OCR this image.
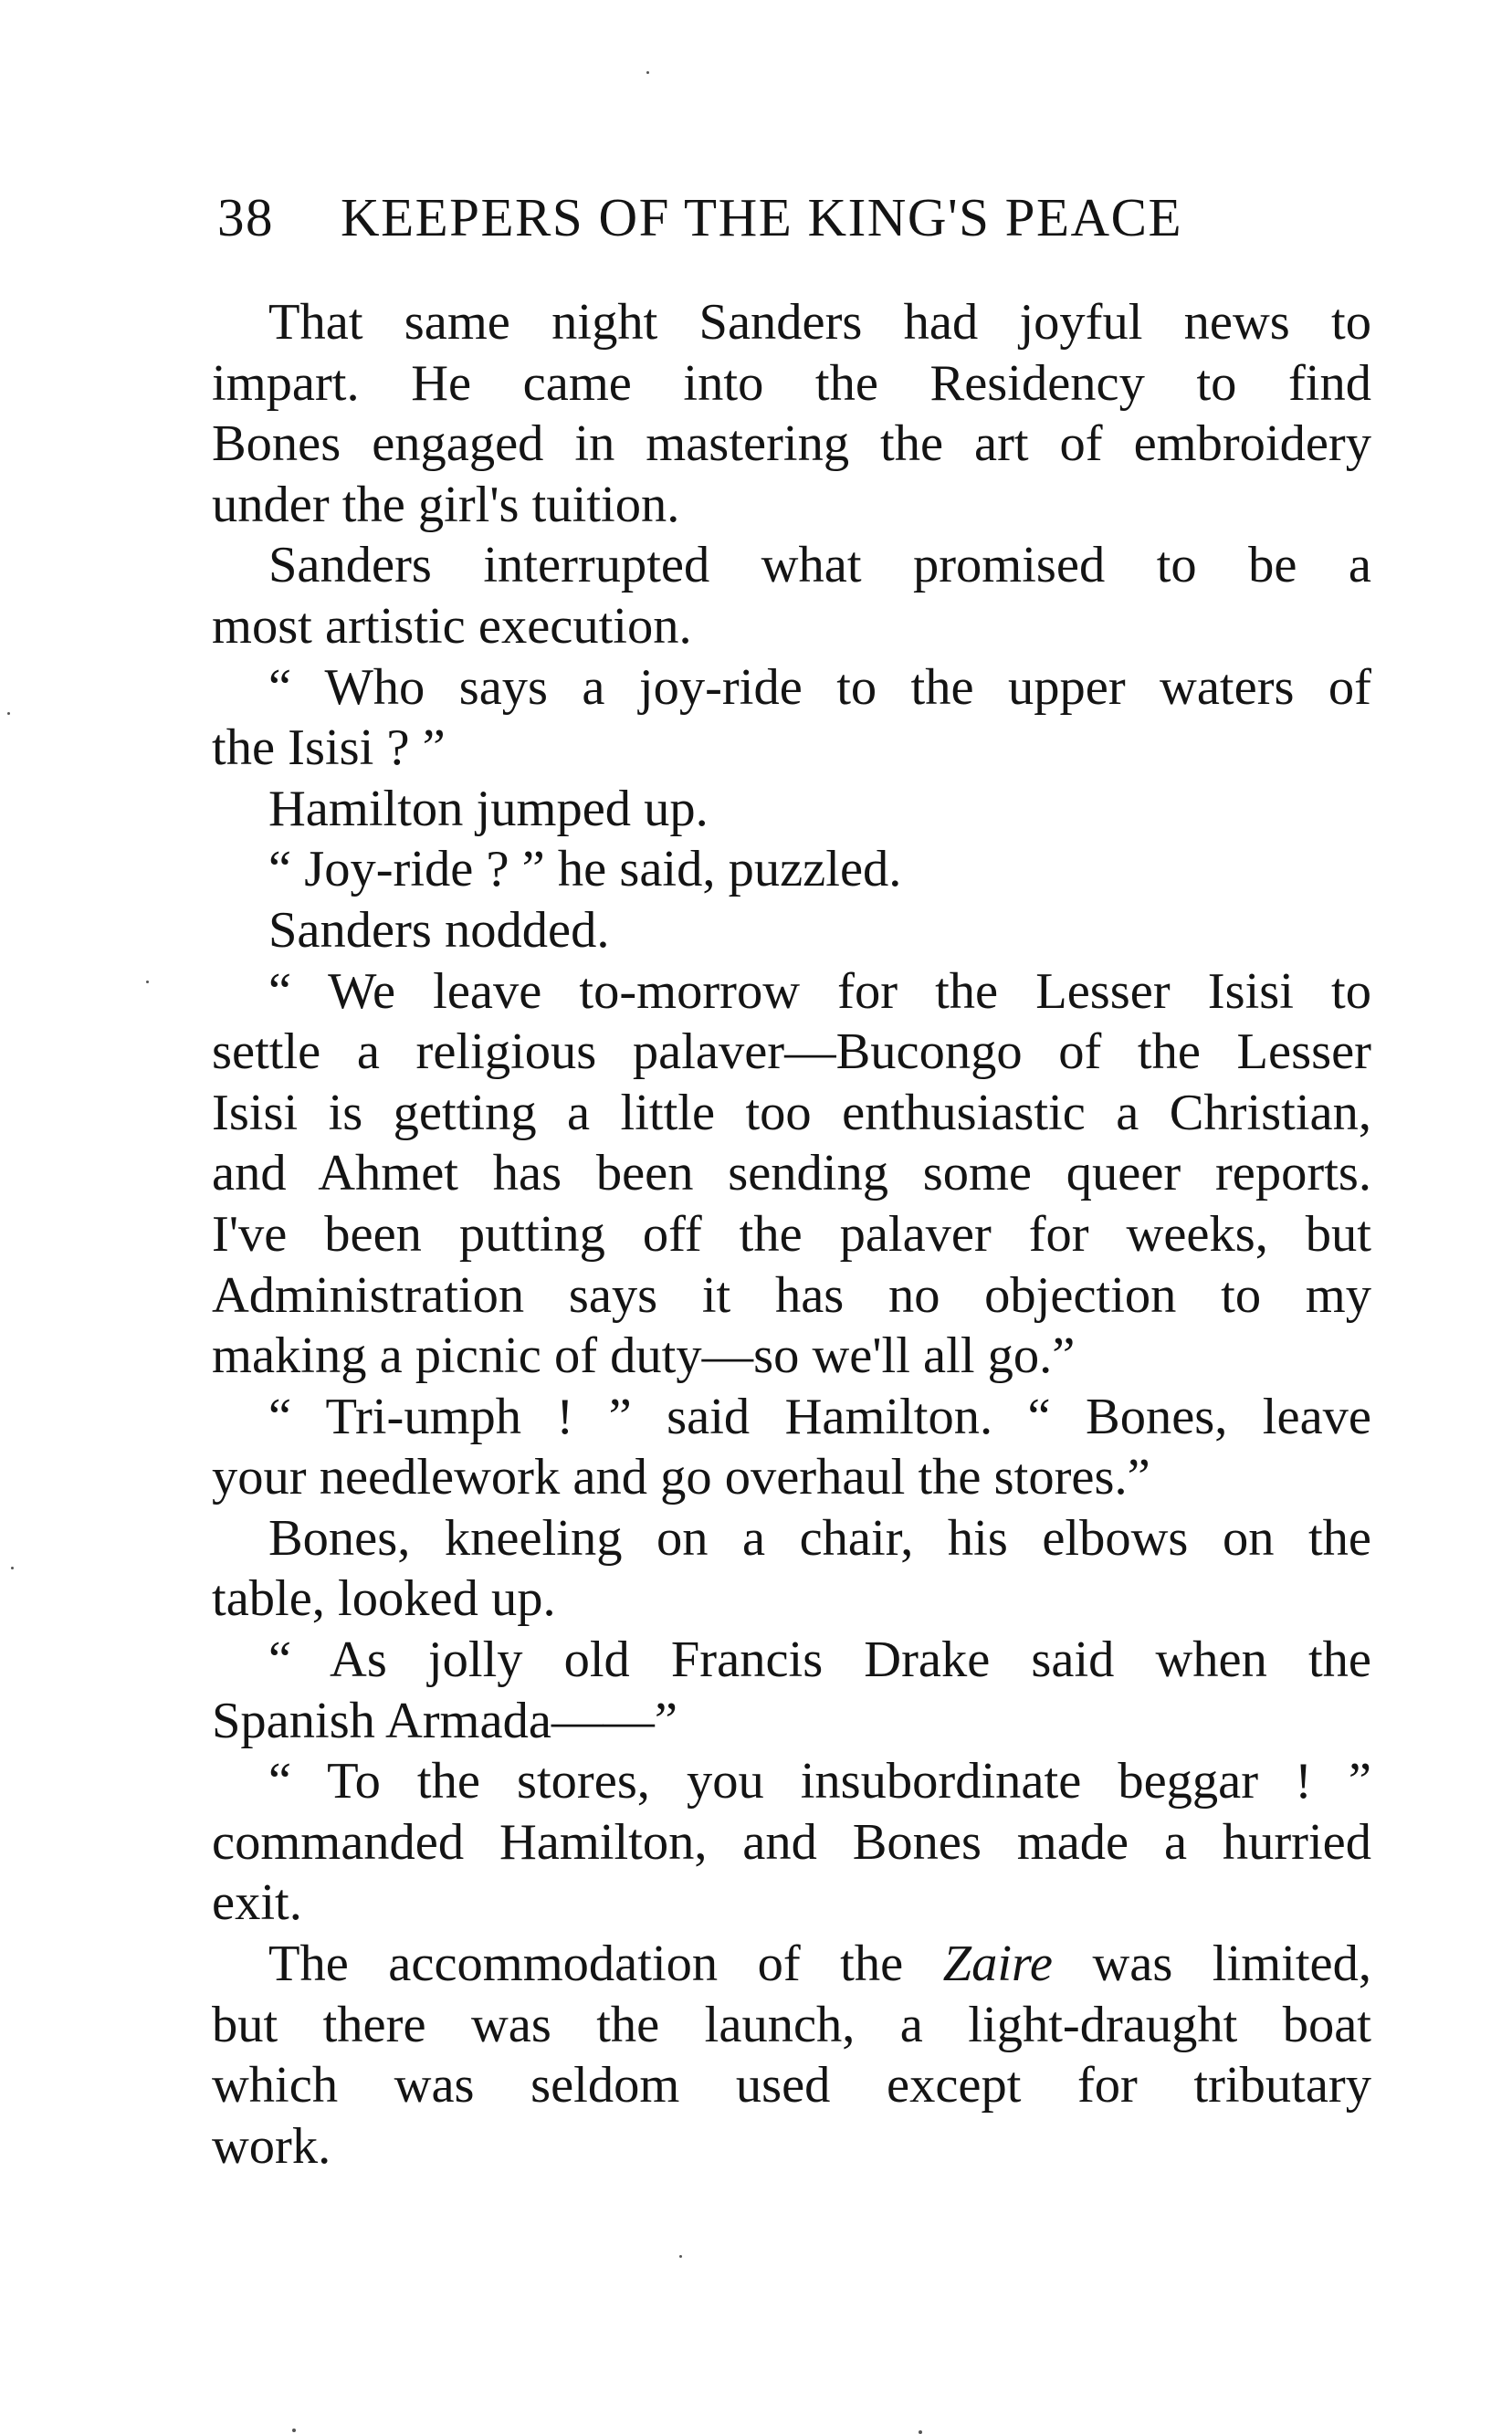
38 KEEPERS OF THE KING'S PEACE
That same night Sanders had joyful news to
impart. He came into the Residency to find
Bones engaged in mastering the art of embroidery
under the girl's tuition.
Sanders interrupted what promised to be a
most artistic execution.
“ Who says a joy-ride to the upper waters of
the Isisi ? ”
Hamilton jumped up.
“ Joy-ride ? ” he said, puzzled.
Sanders nodded.
“ We leave to-morrow for the Lesser Isisi to
settle a religious palaver—Bucongo of the Lesser
Isisi is getting a little too enthusiastic a Christian,
and Ahmet has been sending some queer reports.
I've been putting off the palaver for weeks, but
Administration says it has no objection to my
making a picnic of duty—so we'll all go.”
“ Tri-umph ! ” said Hamilton. “ Bones, leave
your needlework and go overhaul the stores.”
Bones, kneeling on a chair, his elbows on the
table, looked up.
“ As jolly old Francis Drake said when the
Spanish Armada——”
“ To the stores, you insubordinate beggar ! ”
commanded Hamilton, and Bones made a hurried
exit.
The accommodation of the Zaire was limited,
but there was the launch, a light-draught boat
which was seldom used except for tributary
work.
